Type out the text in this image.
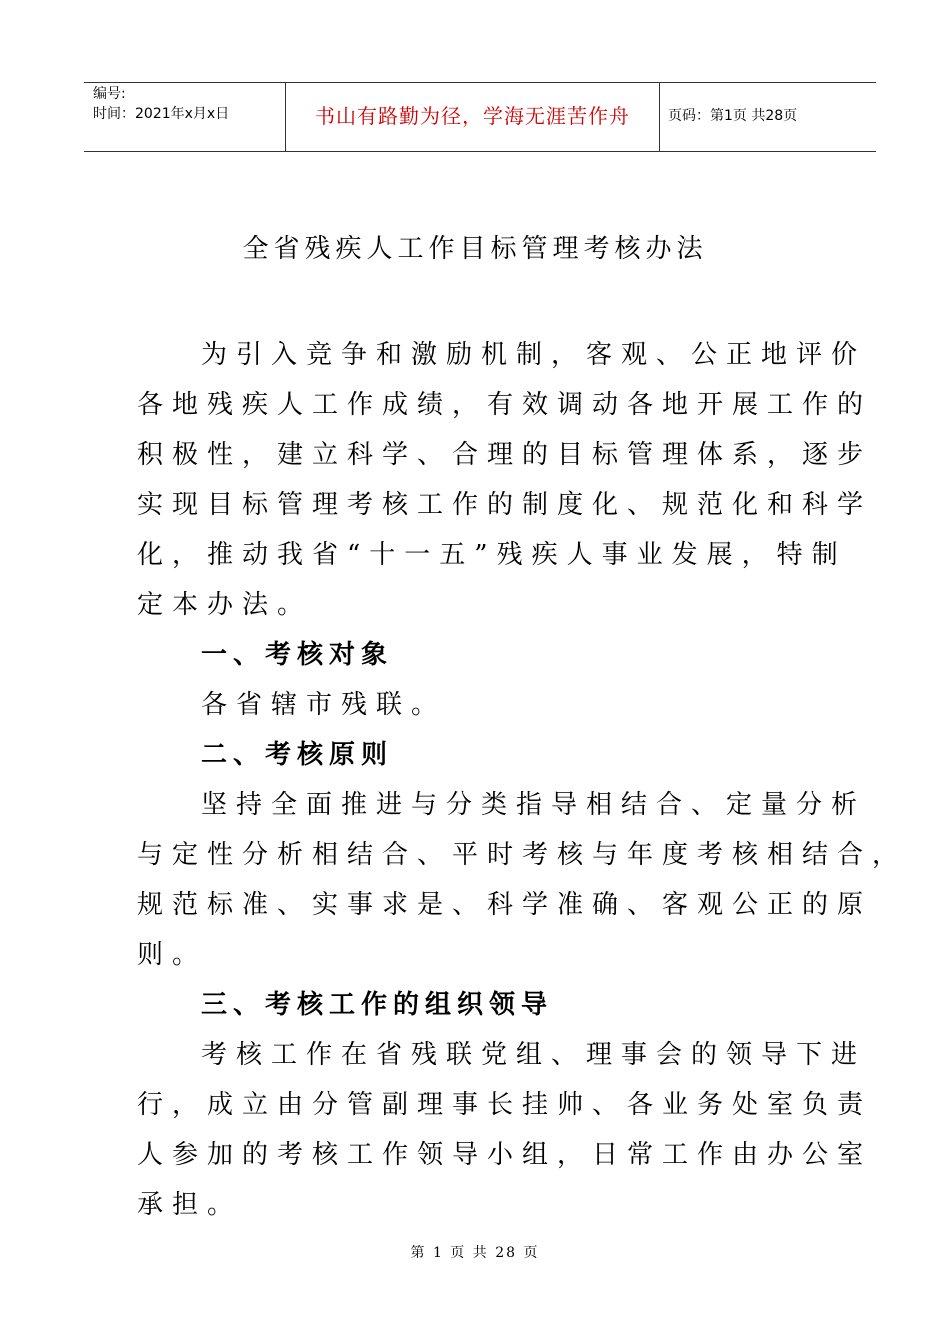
编号:
时间：2021年x月x日	书山有路勤为径，学海无涯苦作舟	页码：第1页 共28页
全省残疾人工作目标管理考核办法
为引入竞争和激励机制，客观、公正地评价
各地残疾人工作成绩，有效调动各地开展工作的
积极性，建立科学、合理的目标管理体系，逐步
实现目标管理考核工作的制度化、规范化和科学
化，推动我省“十一五”残疾人事业发展，特制
定本办法。
一、考核对象
各省辖市残联。
二、考核原则
坚持全面推进与分类指导相结合、定量分析
与定性分析相结合、平时考核与年度考核相结合，
规范标准、实事求是、科学准确、客观公正的原
则。
三、考核工作的组织领导
考核工作在省残联党组、理事会的领导下进
行，成立由分管副理事长挂帅、各业务处室负责
人参加的考核工作领导小组，日常工作由办公室
承担。
第 1 页 共 28 页
